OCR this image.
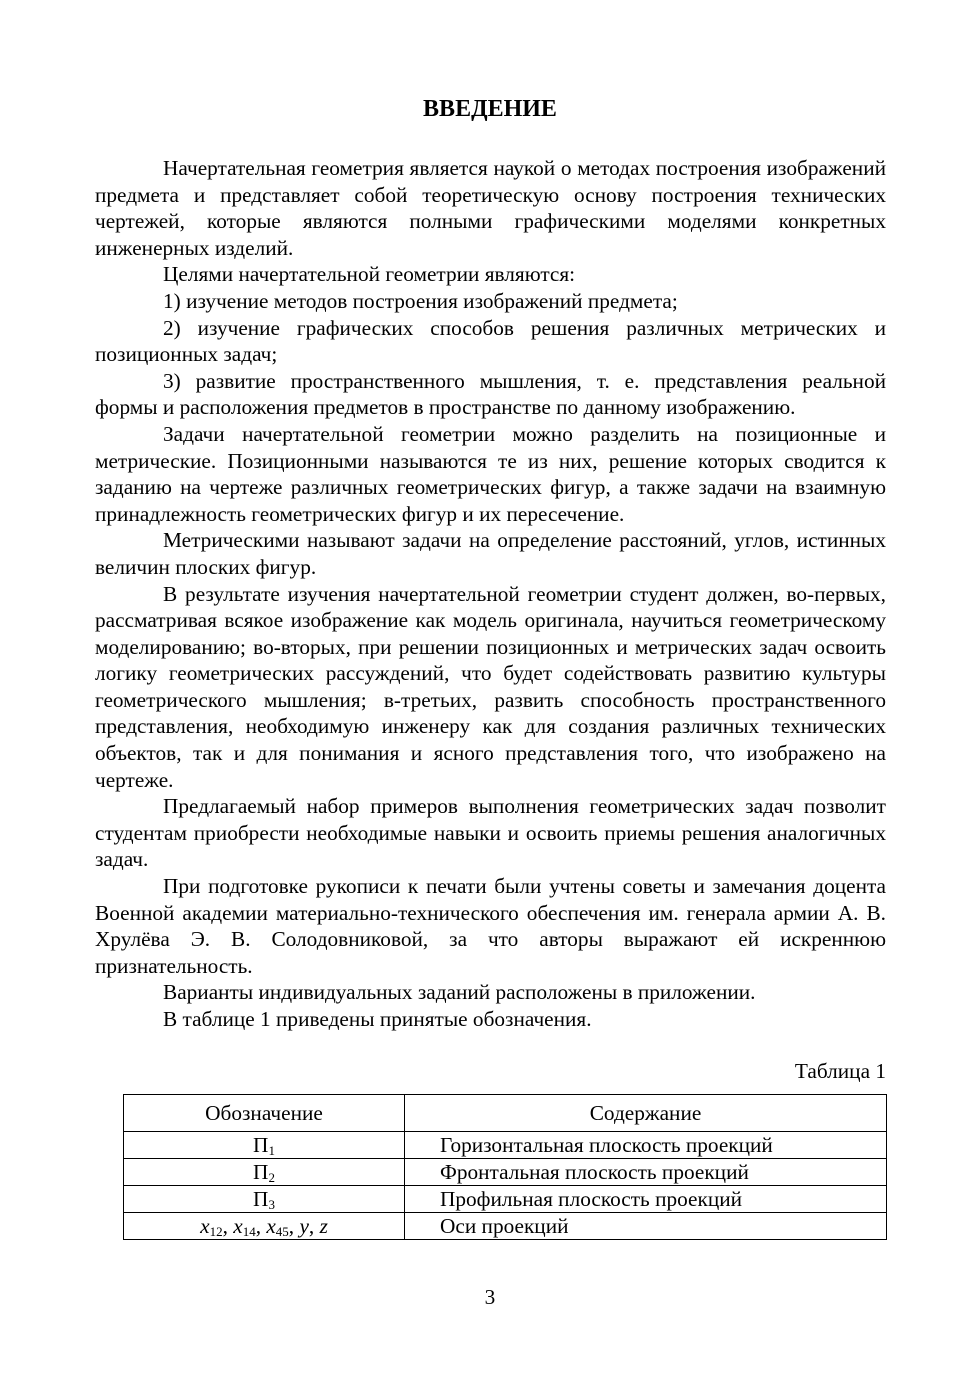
ВВЕДЕНИЕ

Начертательная геометрия является наукой о методах построения изображений предмета и представляет собой теоретическую основу построения технических чертежей, которые являются полными графическими моделями конкретных инженерных изделий.

Целями начертательной геометрии являются:

1) изучение методов построения изображений предмета;

2) изучение графических способов решения различных метрических и позиционных задач;

3) развитие пространственного мышления, т. е. представления реальной формы и расположения предметов в пространстве по данному изображению.

Задачи начертательной геометрии можно разделить на позиционные и метрические. Позиционными называются те из них, решение которых сводится к заданию на чертеже различных геометрических фигур, а также задачи на взаимную принадлежность геометрических фигур и их пересечение.

Метрическими называют задачи на определение расстояний, углов, истинных величин плоских фигур.

В результате изучения начертательной геометрии студент должен, во-первых, рассматривая всякое изображение как модель оригинала, научиться геометрическому моделированию; во-вторых, при решении позиционных и метрических задач освоить логику геометрических рассуждений, что будет содействовать развитию культуры геометрического мышления; в-третьих, развить способность пространственного представления, необходимую инженеру как для создания различных технических объектов, так и для понимания и ясного представления того, что изображено на чертеже.

Предлагаемый набор примеров выполнения геометрических задач позволит студентам приобрести необходимые навыки и освоить приемы решения аналогичных задач.

При подготовке рукописи к печати были учтены советы и замечания доцента Военной академии материально-технического обеспечения им. генерала армии А. В. Хрулёва Э. В. Солодовниковой, за что авторы выражают ей искреннюю признательность.

Варианты индивидуальных заданий расположены в приложении.

В таблице 1 приведены принятые обозначения.

Таблица 1
Обозначение	Содержание
$П_1$	Горизонтальная плоскость проекций
$П_2$	Фронтальная плоскость проекций
$П_3$	Профильная плоскость проекций
$x_{12}$, $x_{14}$, $x_{45}$, y, z	Оси проекций
3
